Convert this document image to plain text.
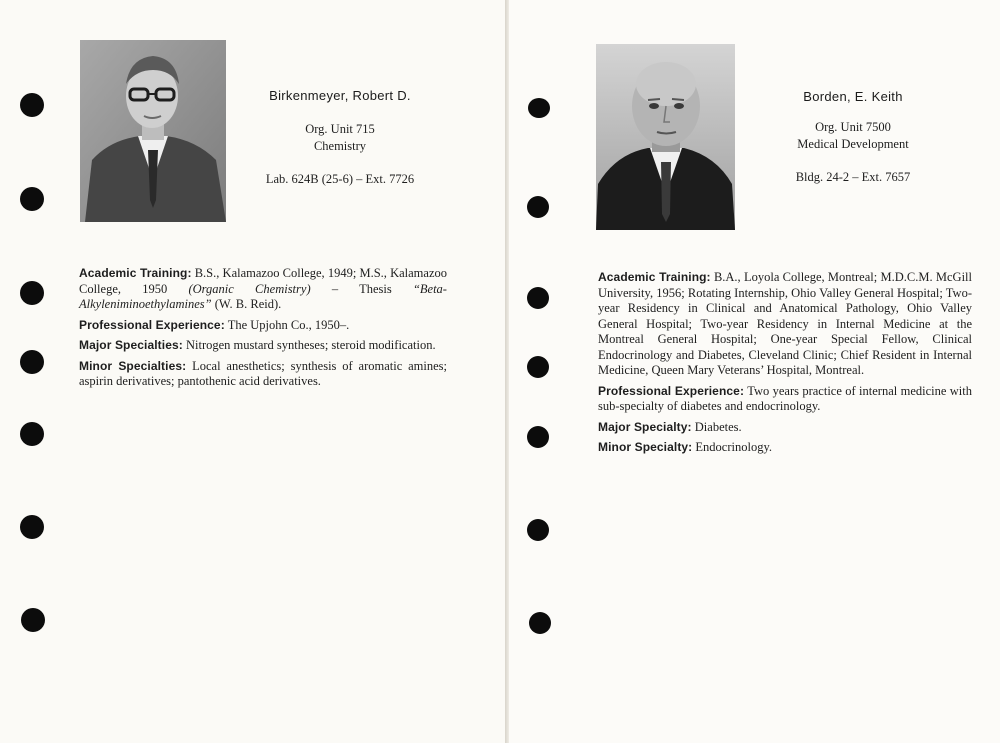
Birkenmeyer, Robert D.
Org. Unit 715
Chemistry
Lab. 624B (25-6) – Ext. 7726

Academic Training: B.S., Kalamazoo College, 1949; M.S., Kalamazoo College, 1950 (Organic Chemistry) – Thesis “Beta-Alkyleniminoethylamines” (W. B. Reid).

Professional Experience: The Upjohn Co., 1950–.

Major Specialties: Nitrogen mustard syntheses; steroid modification.

Minor Specialties: Local anesthetics; synthesis of aromatic amines; aspirin derivatives; pantothenic acid derivatives.

Borden, E. Keith
Org. Unit 7500
Medical Development
Bldg. 24-2 – Ext. 7657

Academic Training: B.A., Loyola College, Montreal; M.D.C.M. McGill University, 1956; Rotating Internship, Ohio Valley General Hospital; Two-year Residency in Clinical and Anatomical Pathology, Ohio Valley General Hospital; Two-year Residency in Internal Medicine at the Montreal General Hospital; One-year Special Fellow, Clinical Endocrinology and Diabetes, Cleveland Clinic; Chief Resident in Internal Medicine, Queen Mary Veterans’ Hospital, Montreal.

Professional Experience: Two years practice of internal medicine with sub-specialty of diabetes and endocrinology.

Major Specialty: Diabetes.

Minor Specialty: Endocrinology.
